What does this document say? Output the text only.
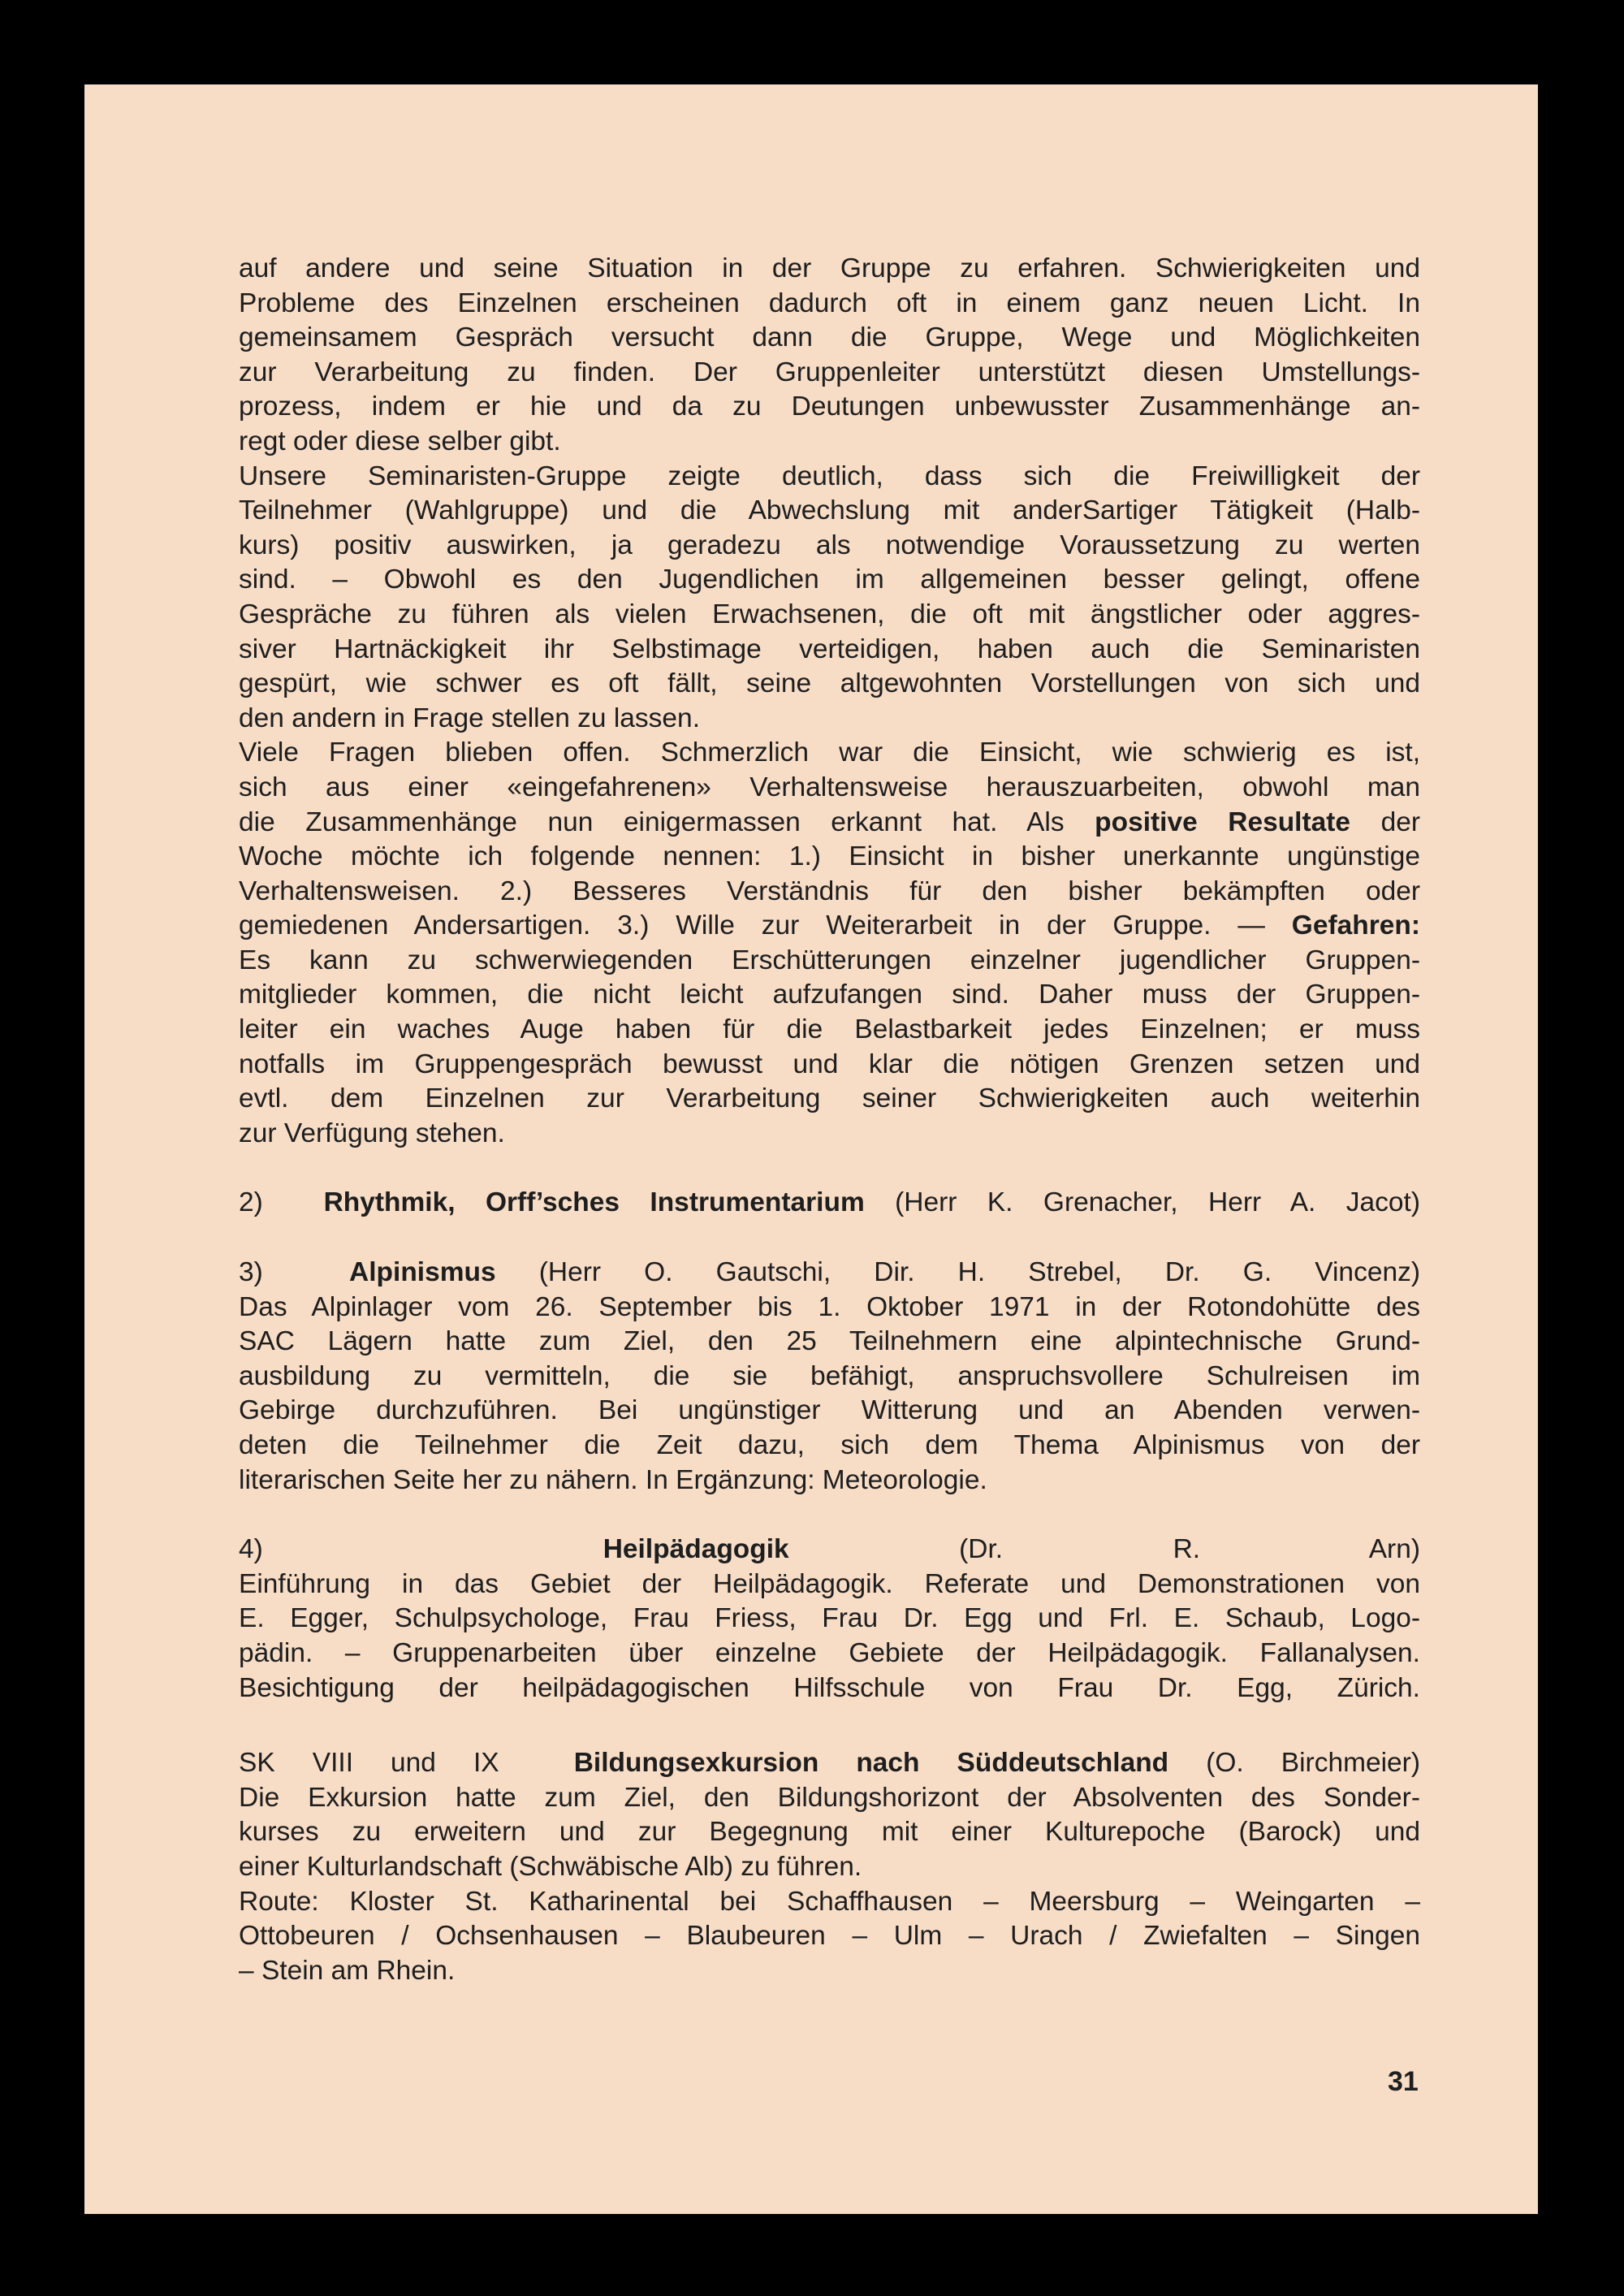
auf andere und seine Situation in der Gruppe zu erfahren. Schwierigkeiten und

Probleme des Einzelnen erscheinen dadurch oft in einem ganz neuen Licht. In

gemeinsamem Gespräch versucht dann die Gruppe, Wege und Möglichkeiten

zur Verarbeitung zu finden. Der Gruppenleiter unterstützt diesen Umstellungs-

prozess, indem er hie und da zu Deutungen unbewusster Zusammenhänge an-

regt oder diese selber gibt.

Unsere Seminaristen-Gruppe zeigte deutlich, dass sich die Freiwilligkeit der

Teilnehmer (Wahlgruppe) und die Abwechslung mit anderSartiger Tätigkeit (Halb-

kurs) positiv auswirken, ja geradezu als notwendige Voraussetzung zu werten

sind. – Obwohl es den Jugendlichen im allgemeinen besser gelingt, offene

Gespräche zu führen als vielen Erwachsenen, die oft mit ängstlicher oder aggres-

siver Hartnäckigkeit ihr Selbstimage verteidigen, haben auch die Seminaristen

gespürt, wie schwer es oft fällt, seine altgewohnten Vorstellungen von sich und

den andern in Frage stellen zu lassen.

Viele Fragen blieben offen. Schmerzlich war die Einsicht, wie schwierig es ist,

sich aus einer «eingefahrenen» Verhaltensweise herauszuarbeiten, obwohl man

die Zusammenhänge nun einigermassen erkannt hat. Als positive Resultate der

Woche möchte ich folgende nennen: 1.) Einsicht in bisher unerkannte ungünstige

Verhaltensweisen. 2.) Besseres Verständnis für den bisher bekämpften oder

gemiedenen Andersartigen. 3.) Wille zur Weiterarbeit in der Gruppe. — Gefahren:

Es kann zu schwerwiegenden Erschütterungen einzelner jugendlicher Gruppen-

mitglieder kommen, die nicht leicht aufzufangen sind. Daher muss der Gruppen-

leiter ein waches Auge haben für die Belastbarkeit jedes Einzelnen; er muss

notfalls im Gruppengespräch bewusst und klar die nötigen Grenzen setzen und

evtl. dem Einzelnen zur Verarbeitung seiner Schwierigkeiten auch weiterhin

zur Verfügung stehen.

2) Rhythmik, Orff’sches Instrumentarium (Herr K. Grenacher, Herr A. Jacot)

3)	Alpinismus (Herr O. Gautschi, Dir. H. Strebel, Dr. G. Vincenz)

Das Alpinlager vom 26. September bis 1. Oktober 1971 in der Rotondohütte des

SAC Lägern hatte zum Ziel, den 25 Teilnehmern eine alpintechnische Grund-

ausbildung zu vermitteln, die sie befähigt, anspruchsvollere Schulreisen im

Gebirge durchzuführen. Bei ungünstiger Witterung und an Abenden verwen-

deten die Teilnehmer die Zeit dazu, sich dem Thema Alpinismus von der

literarischen Seite her zu nähern. In Ergänzung: Meteorologie.

4)	Heilpädagogik	(Dr. R. Arn)

Einführung in das Gebiet der Heilpädagogik. Referate und Demonstrationen von

E. Egger, Schulpsychologe, Frau Friess, Frau Dr. Egg und Frl. E. Schaub, Logo-

pädin. – Gruppenarbeiten über einzelne Gebiete der Heilpädagogik. Fallanalysen.

Besichtigung der heilpädagogischen Hilfsschule von Frau Dr. Egg, Zürich.

SK VIII und IX	Bildungsexkursion nach Süddeutschland (O. Birchmeier)

Die Exkursion hatte zum Ziel, den Bildungshorizont der Absolventen des Sonder-

kurses zu erweitern und zur Begegnung mit einer Kulturepoche (Barock) und

einer Kulturlandschaft (Schwäbische Alb) zu führen.

Route: Kloster St. Katharinental bei Schaffhausen – Meersburg – Weingarten –

Ottobeuren / Ochsenhausen – Blaubeuren – Ulm – Urach / Zwiefalten – Singen

– Stein am Rhein.

31
